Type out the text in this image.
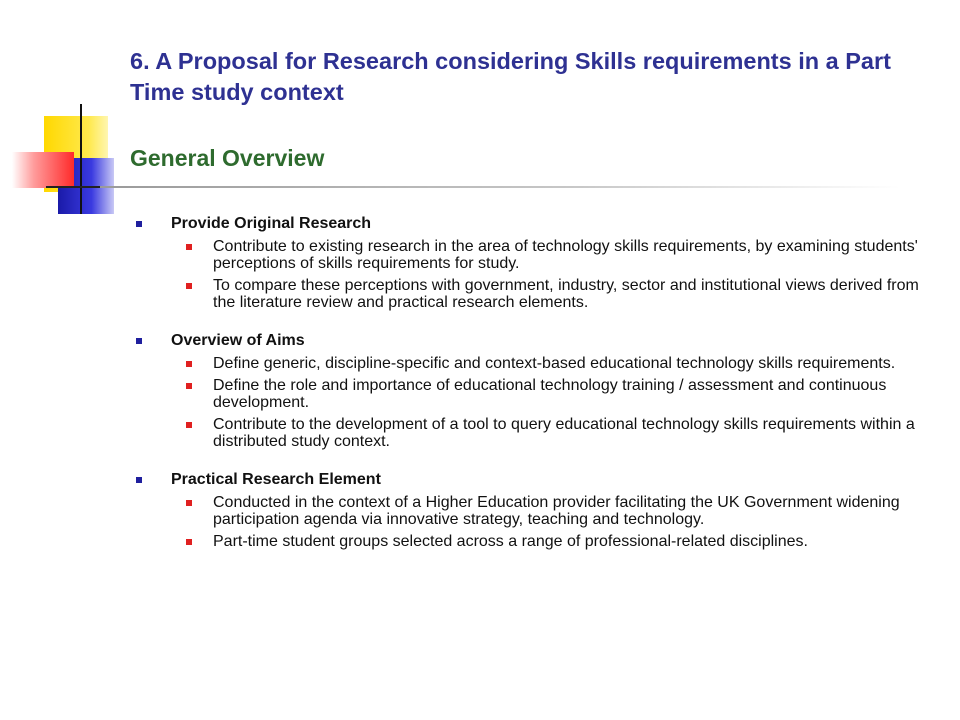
6. A Proposal for Research considering Skills requirements in a Part Time study context
General Overview
Provide Original Research
Contribute to existing research in the area of technology skills requirements, by examining students' perceptions of skills requirements for study.
To compare these perceptions with government, industry, sector and institutional views derived from the literature review and practical research elements.
Overview of Aims
Define generic, discipline-specific and context-based educational technology skills requirements.
Define the role and importance of educational technology training / assessment and continuous development.
Contribute to the development of a tool to query educational technology skills requirements within a distributed study context.
Practical Research Element
Conducted in the context of a Higher Education provider facilitating the UK Government widening participation agenda via innovative strategy, teaching and technology.
Part-time student groups selected across a range of professional-related disciplines.
